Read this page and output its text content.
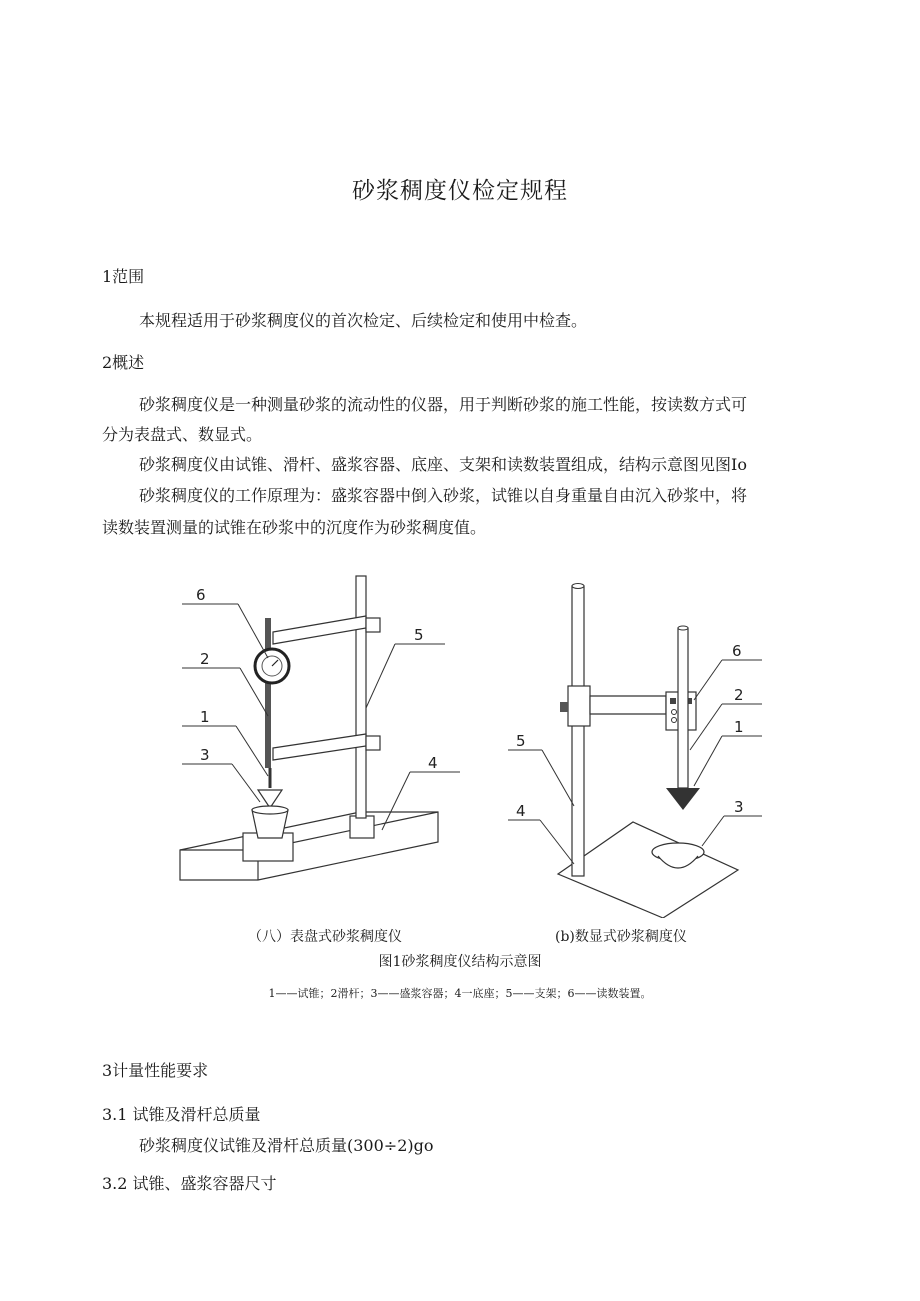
砂浆稠度仪检定规程
1范围
本规程适用于砂浆稠度仪的首次检定、后续检定和使用中检查。
2概述
砂浆稠度仪是一种测量砂浆的流动性的仪器，用于判断砂浆的施工性能，按读数方式可
分为表盘式、数显式。
砂浆稠度仪由试锥、滑杆、盛浆容器、底座、支架和读数装置组成，结构示意图见图Io
砂浆稠度仪的工作原理为：盛浆容器中倒入砂浆，试锥以自身重量自由沉入砂浆中，将
读数装置测量的试锥在砂浆中的沉度作为砂浆稠度值。
6
2
1
3
5
4
6
2
1
5
4	3
（八）表盘式砂浆稠度仪	(b)数显式砂浆稠度仪
图1砂浆稠度仪结构示意图
1——试锥；2滑杆；3——盛浆容器；4一底座；5——支架；6——读数装置。
3计量性能要求
3.1 试锥及滑杆总质量
砂浆稠度仪试锥及滑杆总质量(300÷2)go
3.2 试锥、盛浆容器尺寸
